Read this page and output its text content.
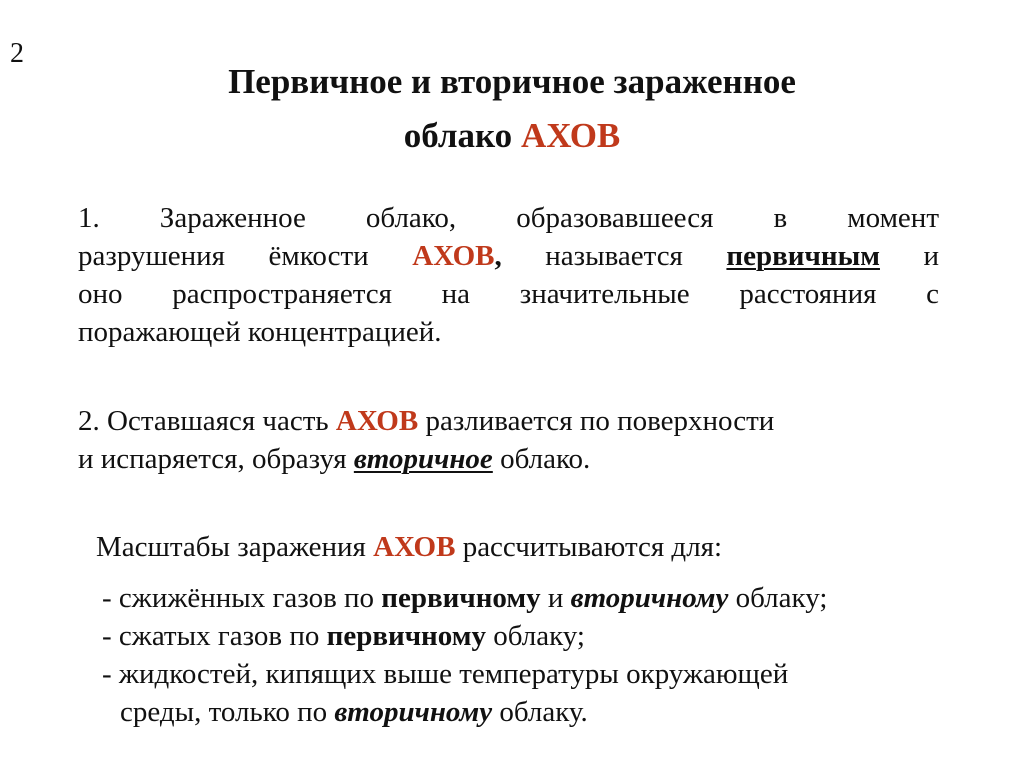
2
Первичное и вторичное зараженное
облако АХОВ
1. Зараженное облако, образовавшееся в момент
разрушения ёмкости АХОВ, называется первичным и
оно распространяется на значительные расстояния с
поражающей концентрацией.
2. Оставшаяся часть АХОВ разливается по поверхности
и испаряется, образуя вторичное облако.
Масштабы заражения АХОВ рассчитываются для:
- сжижённых газов по первичному и вторичному облаку;
- сжатых газов по первичному облаку;
- жидкостей, кипящих выше температуры окружающей
среды, только по вторичному облаку.
